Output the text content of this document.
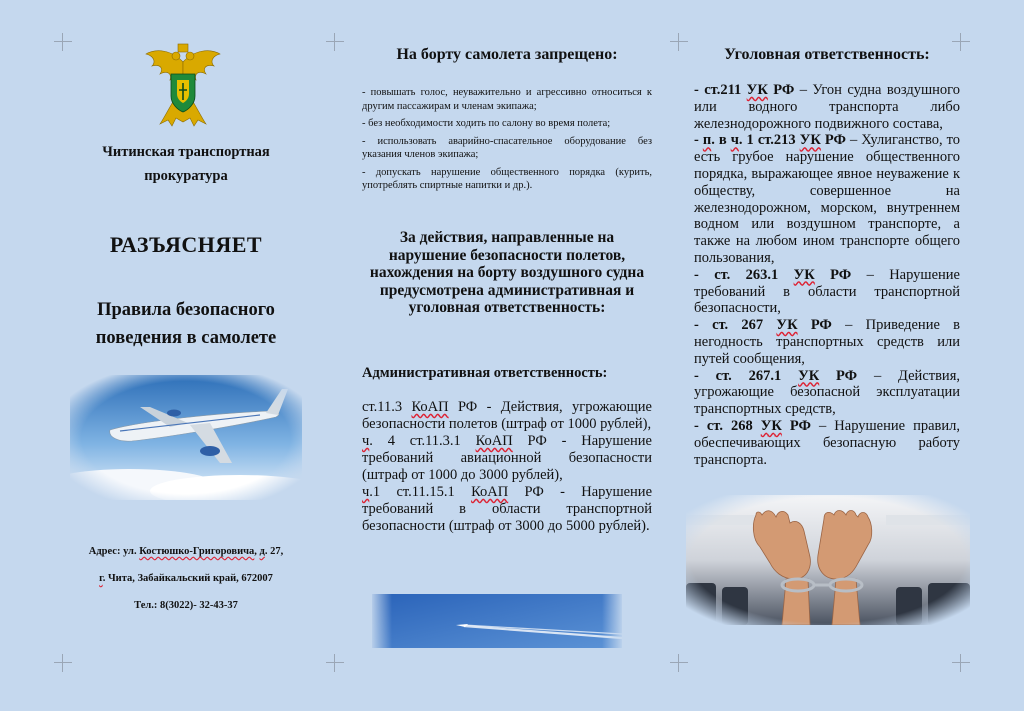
Читинская транспортная
прокуратура
РАЗЪЯСНЯЕТ
Правила безопасного
поведения в самолете
Адрес: ул. Костюшко-Григоровича, д. 27,
г. Чита, Забайкальский край, 672007
Тел.: 8(3022)- 32-43-37
На борту самолета запрещено:

- повышать голос, неуважительно и агрессивно относиться к другим пассажирам и членам экипажа;

- без необходимости ходить по салону во время полета;

- использовать аварийно-спасательное оборудование без указания членов экипажа;

- допускать нарушение общественного порядка (курить, употреблять спиртные напитки и др.).

За действия, направленные на нарушение безопасности полетов, нахождения на борту воздушного судна предусмотрена административная и уголовная ответственность:
Административная ответственность:
ст.11.3 КоАП РФ - Действия, угрожающие безопасности полетов (штраф от 1000 рублей),
ч. 4 ст.11.3.1 КоАП РФ - Нарушение требований авиационной безопасности (штраф от 1000 до 3000 рублей),
ч.1 ст.11.15.1 КоАП РФ - Нарушение требований в области транспортной безопасности (штраф от 3000 до 5000 рублей).
Уголовная ответственность:
- ст.211 УК РФ – Угон судна воздушного или водного транспорта либо железнодорожного подвижного состава,
- п. в ч. 1 ст.213 УК РФ – Хулиганство, то есть грубое нарушение общественного порядка, выражающее явное неуважение к обществу, совершенное на железнодорожном, морском, внутреннем водном или воздушном транспорте, а также на любом ином транспорте общего пользования,
- ст. 263.1 УК РФ – Нарушение требований в области транспортной безопасности,
- ст. 267 УК РФ – Приведение в негодность транспортных средств или путей сообщения,
- ст. 267.1 УК РФ – Действия, угрожающие безопасной эксплуатации транспортных средств,
- ст. 268 УК РФ – Нарушение правил, обеспечивающих безопасную работу транспорта.
